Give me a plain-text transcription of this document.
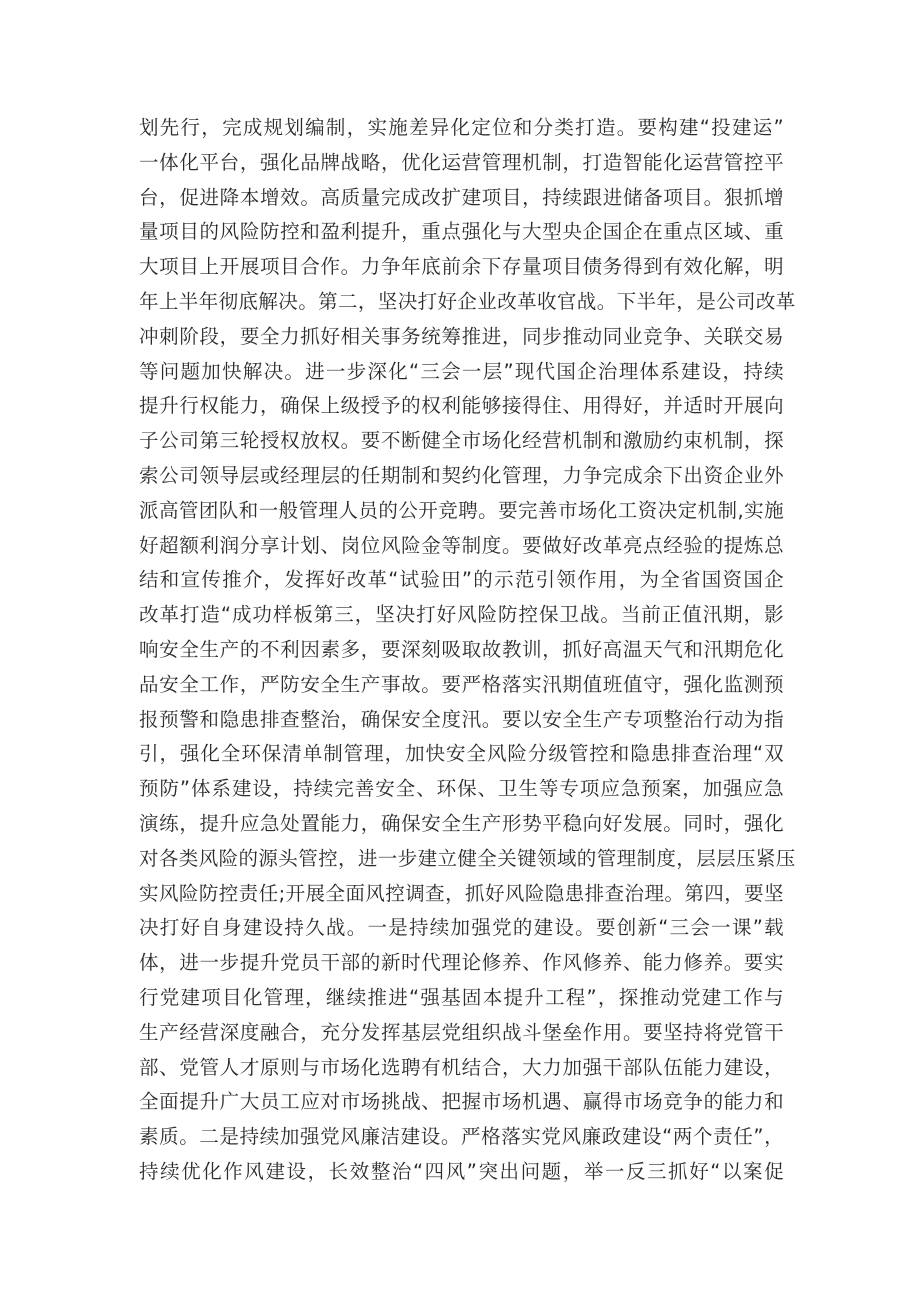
划先行，完成规划编制，实施差异化定位和分类打造。要构建“投建运”
一体化平台，强化品牌战略，优化运营管理机制，打造智能化运营管控平
台，促进降本增效。高质量完成改扩建项目，持续跟进储备项目。狠抓增
量项目的风险防控和盈利提升，重点强化与大型央企国企在重点区域、重
大项目上开展项目合作。力争年底前余下存量项目债务得到有效化解，明
年上半年彻底解决。第二，坚决打好企业改革收官战。下半年，是公司改革
冲刺阶段，要全力抓好相关事务统筹推进，同步推动同业竞争、关联交易
等问题加快解决。进一步深化“三会一层”现代国企治理体系建设，持续
提升行权能力，确保上级授予的权利能够接得住、用得好，并适时开展向
子公司第三轮授权放权。要不断健全市场化经营机制和激励约束机制，探
索公司领导层或经理层的任期制和契约化管理，力争完成余下出资企业外
派高管团队和一般管理人员的公开竞聘。要完善市场化工资决定机制,实施
好超额利润分享计划、岗位风险金等制度。要做好改革亮点经验的提炼总
结和宣传推介，发挥好改革“试验田”的示范引领作用，为全省国资国企
改革打造“成功样板第三，坚决打好风险防控保卫战。当前正值汛期，影
响安全生产的不利因素多，要深刻吸取故教训，抓好高温天气和汛期危化
品安全工作，严防安全生产事故。要严格落实汛期值班值守，强化监测预
报预警和隐患排查整治，确保安全度汛。要以安全生产专项整治行动为指
引，强化全环保清单制管理，加快安全风险分级管控和隐患排查治理“双
预防”体系建设，持续完善安全、环保、卫生等专项应急预案，加强应急
演练，提升应急处置能力，确保安全生产形势平稳向好发展。同时，强化
对各类风险的源头管控，进一步建立健全关键领域的管理制度，层层压紧压
实风险防控责任;开展全面风控调查，抓好风险隐患排查治理。第四，要坚
决打好自身建设持久战。一是持续加强党的建设。要创新“三会一课”载
体，进一步提升党员干部的新时代理论修养、作风修养、能力修养。要实
行党建项目化管理，继续推进“强基固本提升工程”，探推动党建工作与
生产经营深度融合，充分发挥基层党组织战斗堡垒作用。要坚持将党管干
部、党管人才原则与市场化选聘有机结合，大力加强干部队伍能力建设，
全面提升广大员工应对市场挑战、把握市场机遇、赢得市场竞争的能力和
素质。二是持续加强党风廉洁建设。严格落实党风廉政建设“两个责任”，
持续优化作风建设，长效整治“四风”突出问题，举一反三抓好“以案促
